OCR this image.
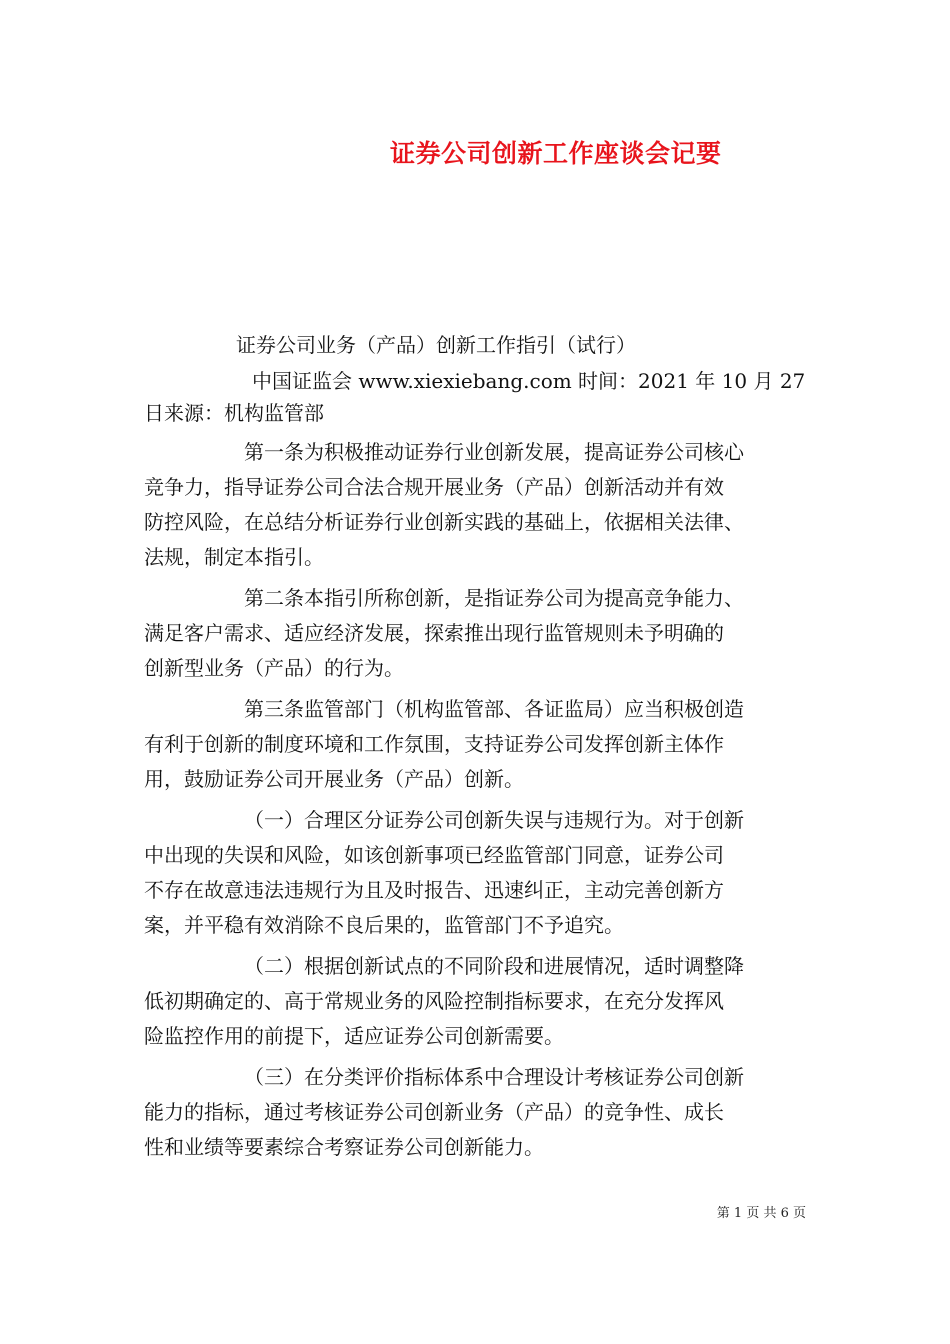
证券公司创新工作座谈会记要
证券公司业务（产品）创新工作指引（试行）
中国证监会 www.xiexiebang.com 时间：2021 年 10 月 27
日来源：机构监管部
第一条为积极推动证券行业创新发展，提高证券公司核心
竞争力，指导证券公司合法合规开展业务（产品）创新活动并有效
防控风险，在总结分析证券行业创新实践的基础上，依据相关法律、
法规，制定本指引。
第二条本指引所称创新，是指证券公司为提高竞争能力、
满足客户需求、适应经济发展，探索推出现行监管规则未予明确的
创新型业务（产品）的行为。
第三条监管部门（机构监管部、各证监局）应当积极创造
有利于创新的制度环境和工作氛围，支持证券公司发挥创新主体作
用，鼓励证券公司开展业务（产品）创新。
（一）合理区分证券公司创新失误与违规行为。对于创新
中出现的失误和风险，如该创新事项已经监管部门同意，证券公司
不存在故意违法违规行为且及时报告、迅速纠正，主动完善创新方
案，并平稳有效消除不良后果的，监管部门不予追究。
（二）根据创新试点的不同阶段和进展情况，适时调整降
低初期确定的、高于常规业务的风险控制指标要求，在充分发挥风
险监控作用的前提下，适应证券公司创新需要。
（三）在分类评价指标体系中合理设计考核证券公司创新
能力的指标，通过考核证券公司创新业务（产品）的竞争性、成长
性和业绩等要素综合考察证券公司创新能力。
第 1 页 共 6 页
